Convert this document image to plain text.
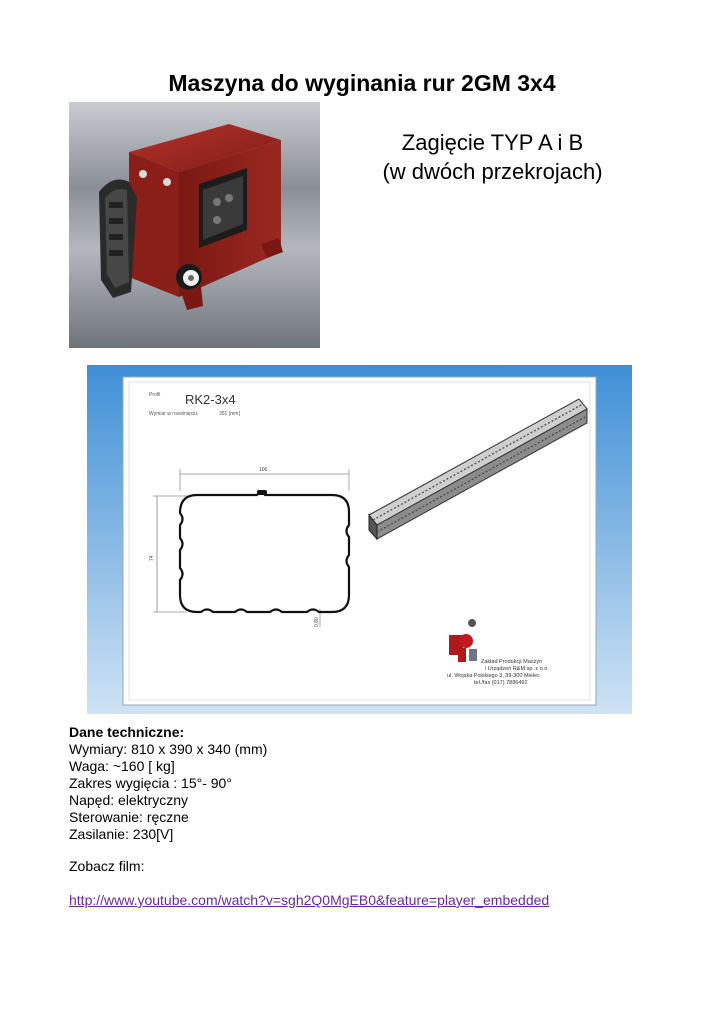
Maszyna do wyginania rur 2GM 3x4
Zagięcie TYP A i B
(w dwóch przekrojach)
Profil RK2-3x4
Wymiar w rozwinięciu:	351 [mm]
106
74
0,80
Zakład Produkcji Maszyn
i Urządzeń R&M sp. z o.o.
ul. Wojska Polskiego 3, 39-300 Mielec
tel./fax (017) 7886492
Dane techniczne:
Wymiary: 810 x 390 x 340 (mm)
Waga: ~160 [ kg]
Zakres wygięcia : 15°- 90°
Napęd: elektryczny
Sterowanie: ręczne
Zasilanie: 230[V]
Zobacz film:
http://www.youtube.com/watch?v=sgh2Q0MgEB0&feature=player_embedded
